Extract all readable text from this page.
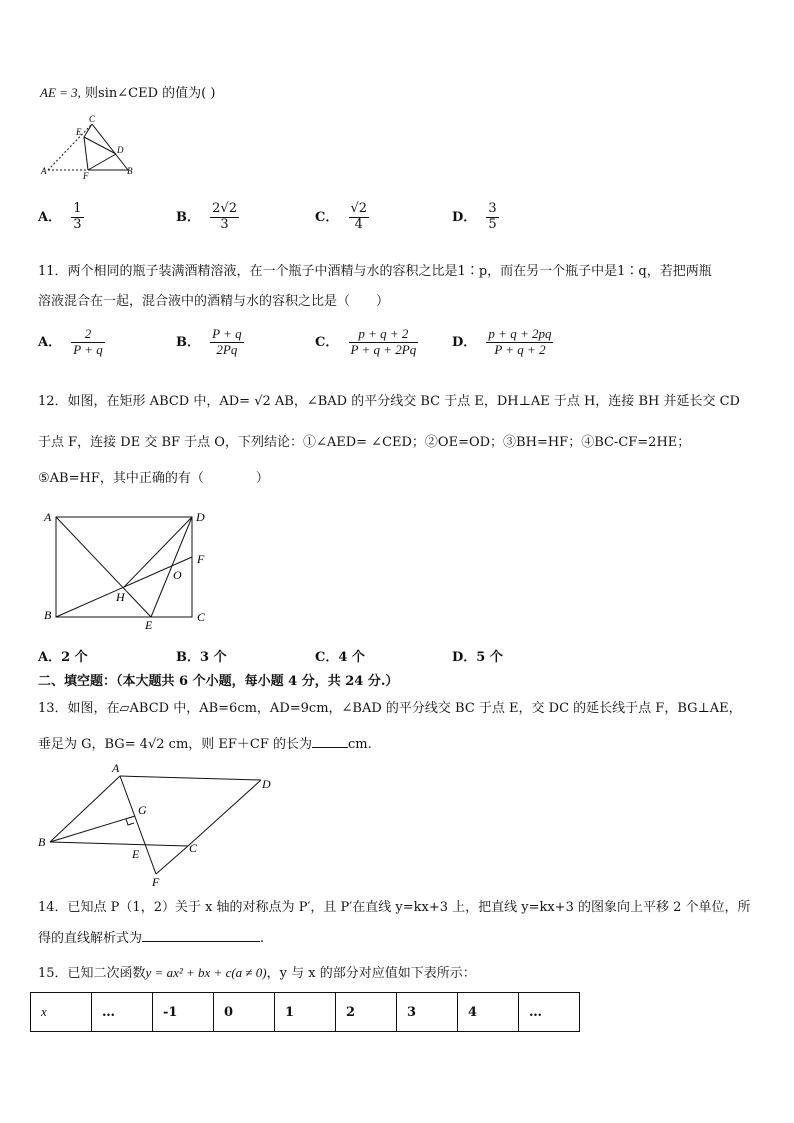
AE = 3, 则sin∠CED 的值为( )
C
E
D
A	F	B
A． $\frac{1}{3}$	B． $\frac{2√2}{3}$	C． $\frac{√2}{4}$	D． $\frac{3}{5}$
11．两个相同的瓶子装满酒精溶液，在一个瓶子中酒精与水的容积之比是1∶p，而在另一个瓶子中是1∶q，若把两瓶
溶液混合在一起，混合液中的酒精与水的容积之比是（　　）
A． $\frac{2}{P + q}$	B． $\frac{P + q}{2Pq}$	C． $\frac{p + q + 2}{P + q + 2Pq}$	D． $\frac{p + q + 2pq}{P + q + 2}$
12．如图，在矩形 ABCD 中，AD= √2 AB，∠BAD 的平分线交 BC 于点 E，DH⊥AE 于点 H，连接 BH 并延长交 CD
于点 F，连接 DE 交 BF 于点 O，下列结论：①∠AED= ∠CED；②OE=OD；③BH=HF；④BC-CF=2HE；
⑤AB=HF，其中正确的有（　　　　）
A	D
F
O
H
B
E
C
A．2 个	B．3 个	C．4 个	D．5 个
二、填空题：（本大题共 6 个小题，每小题 4 分，共 24 分.）
13．如图，在▱ABCD 中，AB=6cm，AD=9cm，∠BAD 的平分线交 BC 于点 E，交 DC 的延长线于点 F，BG⊥AE，
垂足为 G，BG= 4√2 cm，则 EF＋CF 的长为	cm.
A
D
G
B
E	C
F
14．已知点 P（1，2）关于 x 轴的对称点为 P′，且 P′在直线 y=kx+3 上，把直线 y=kx+3 的图象向上平移 2 个单位，所
得的直线解析式为	.
15．已知二次函数y = ax² + bx + c(a ≠ 0)，y 与 x 的部分对应值如下表所示：
x	…	-1	0	1	2	3	4	…
